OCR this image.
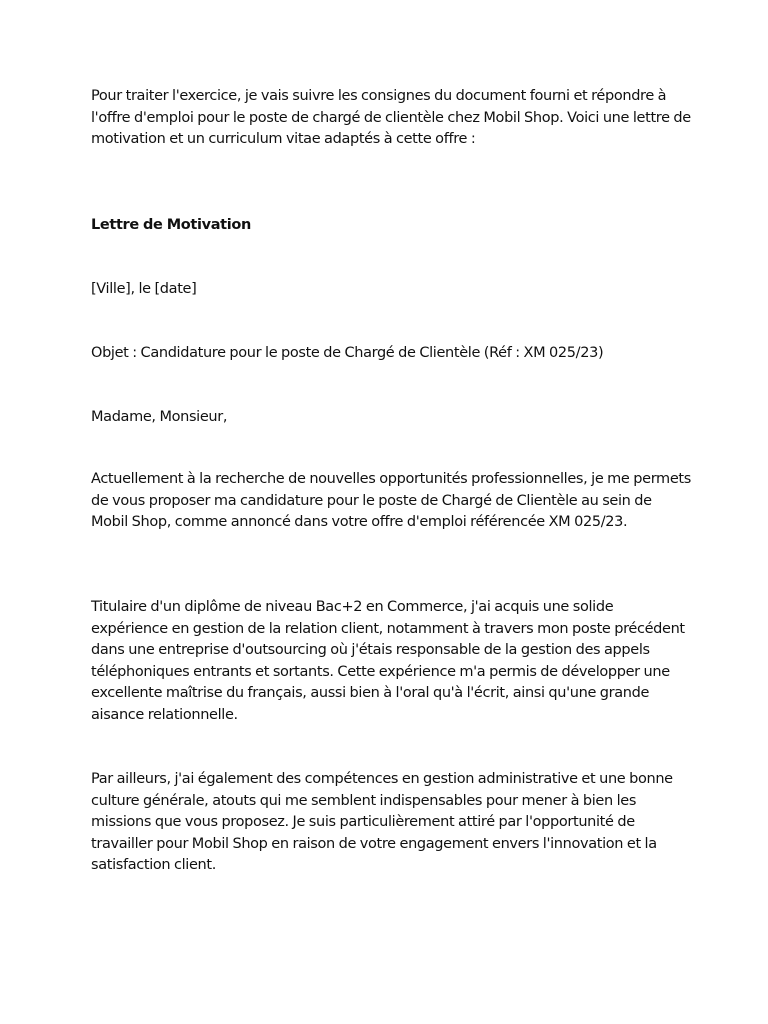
Pour traiter l'exercice, je vais suivre les consignes du document fourni et répondre à l'offre d'emploi pour le poste de chargé de clientèle chez Mobil Shop. Voici une lettre de motivation et un curriculum vitae adaptés à cette offre :

Lettre de Motivation

[Ville], le [date]

Objet : Candidature pour le poste de Chargé de Clientèle (Réf : XM 025/23)

Madame, Monsieur,

Actuellement à la recherche de nouvelles opportunités professionnelles, je me permets de vous proposer ma candidature pour le poste de Chargé de Clientèle au sein de Mobil Shop, comme annoncé dans votre offre d'emploi référencée XM 025/23.

Titulaire d'un diplôme de niveau Bac+2 en Commerce, j'ai acquis une solide expérience en gestion de la relation client, notamment à travers mon poste précédent dans une entreprise d'outsourcing où j'étais responsable de la gestion des appels téléphoniques entrants et sortants. Cette expérience m'a permis de développer une excellente maîtrise du français, aussi bien à l'oral qu'à l'écrit, ainsi qu'une grande aisance relationnelle.

Par ailleurs, j'ai également des compétences en gestion administrative et une bonne culture générale, atouts qui me semblent indispensables pour mener à bien les missions que vous proposez. Je suis particulièrement attiré par l'opportunité de travailler pour Mobil Shop en raison de votre engagement envers l'innovation et la satisfaction client.
